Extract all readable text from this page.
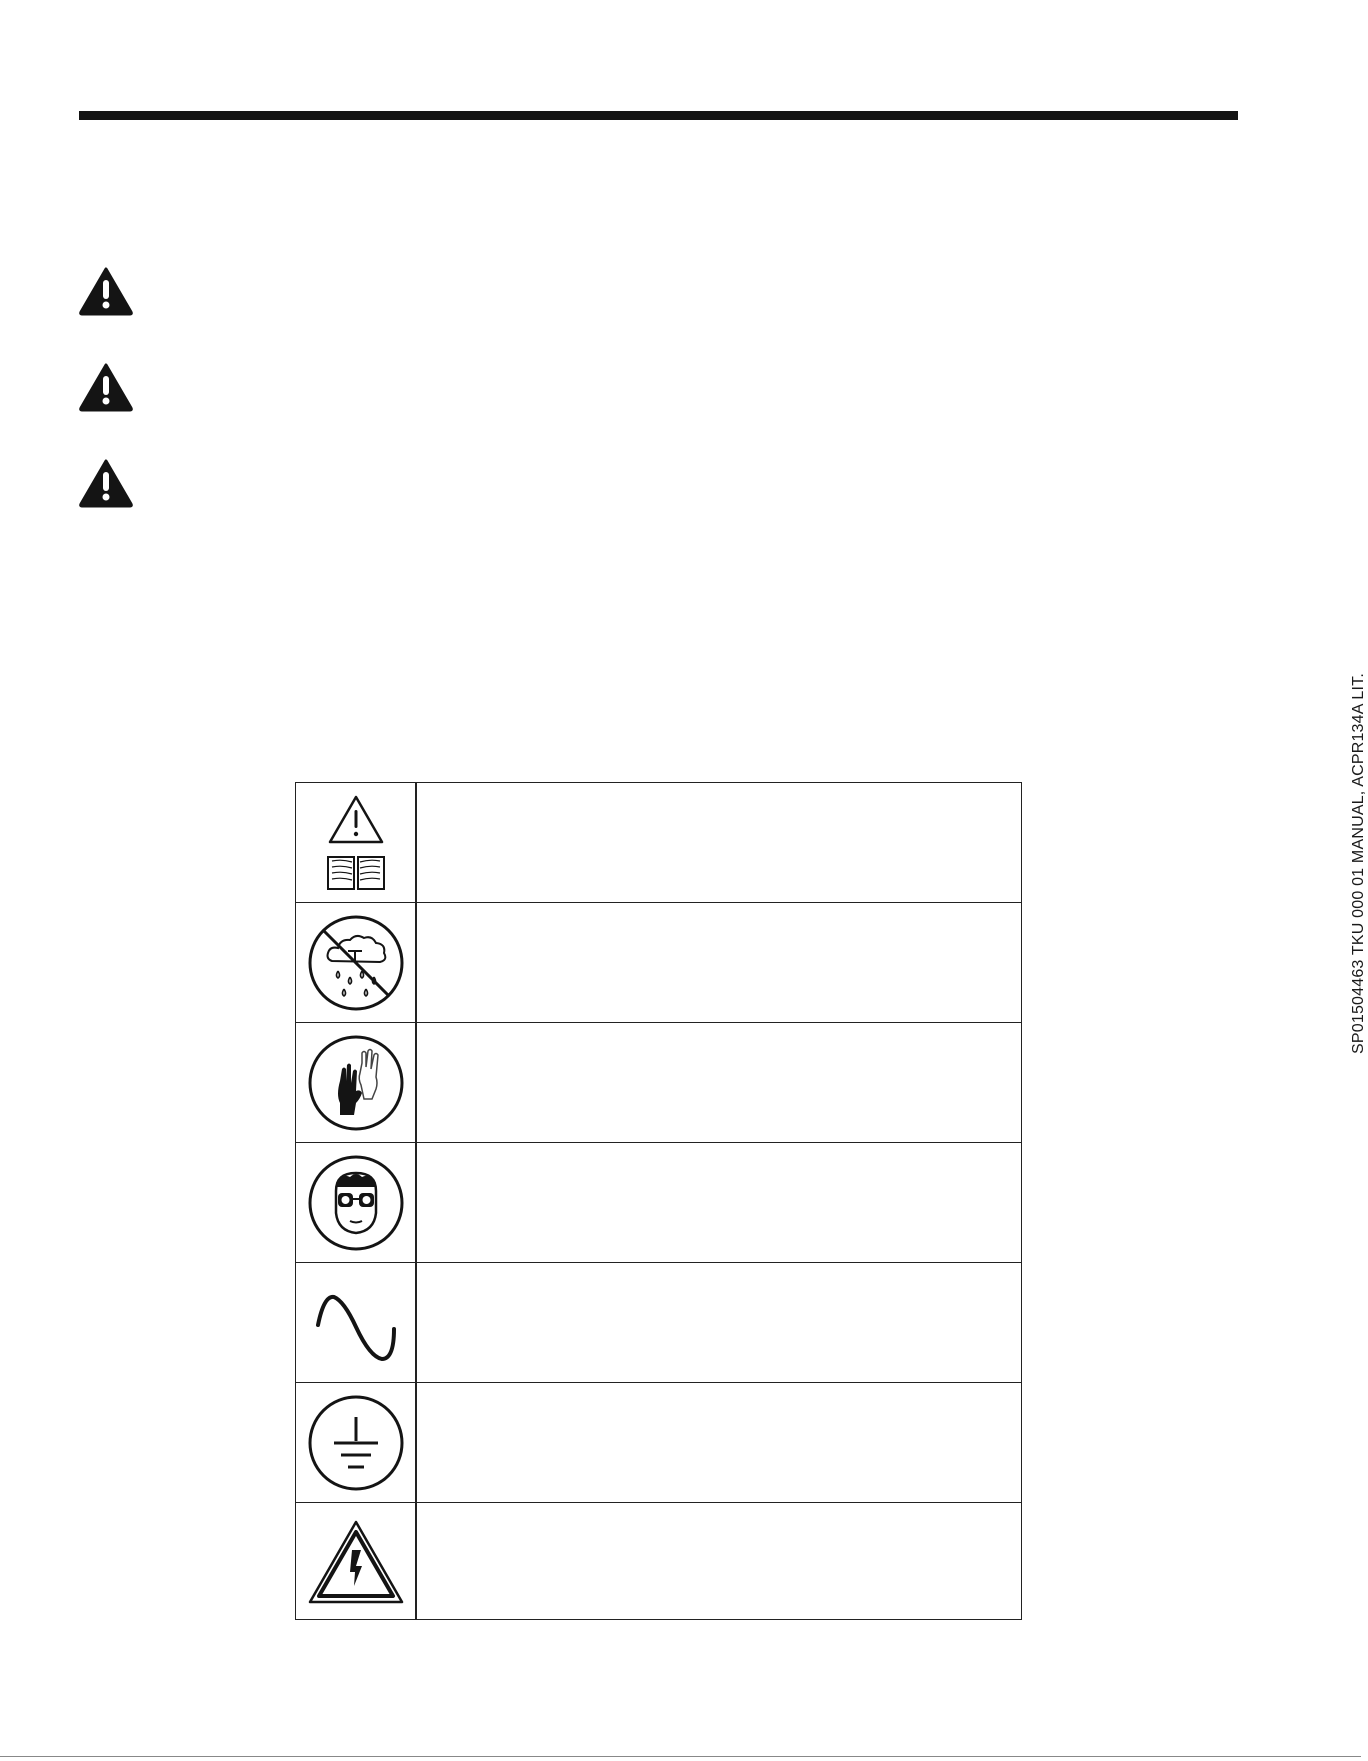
SP01504463 TKU 000 01 MANUAL, ACPR134A LIT.
